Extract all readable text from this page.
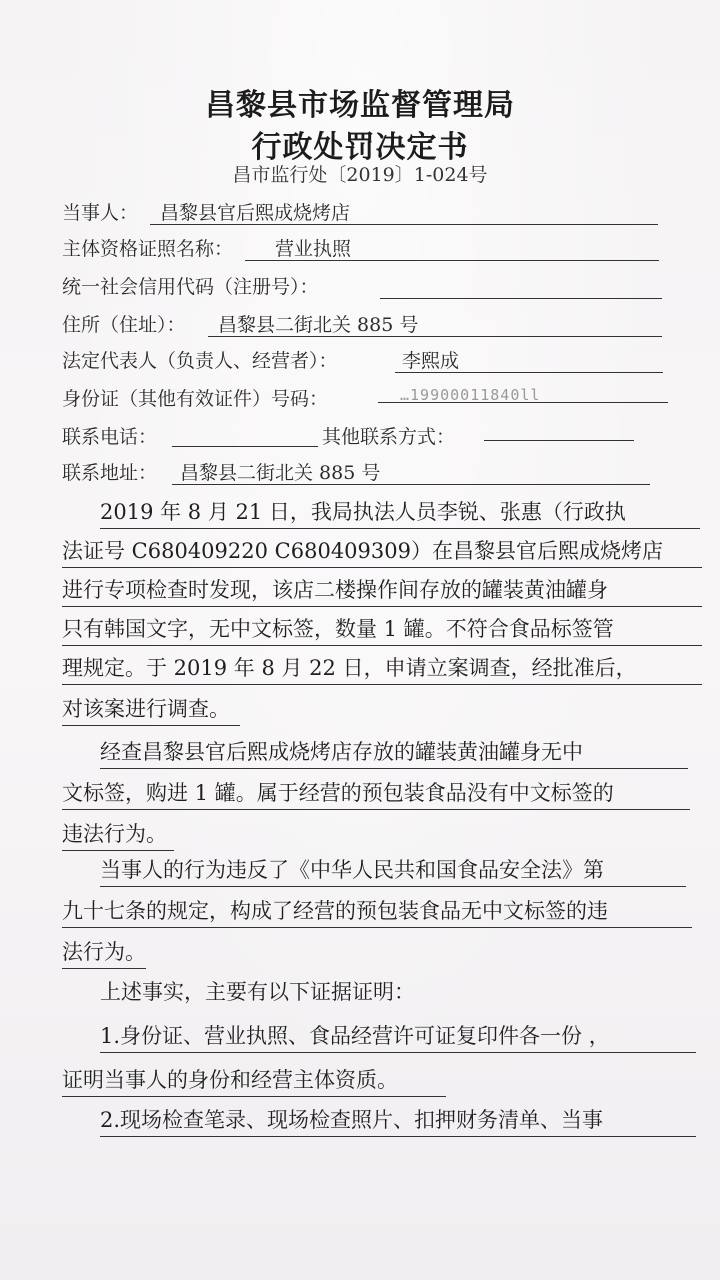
昌黎县市场监督管理局
行政处罚决定书
昌市监行处〔2019〕1-024号
当事人： 昌黎县官后熙成烧烤店
主体资格证照名称： 营业执照
统一社会信用代码（注册号）：
住所（住址）： 昌黎县二街北关 885 号
法定代表人（负责人、经营者）：	李熙成
身份证（其他有效证件）号码：	…19900011840ll
联系电话：	其他联系方式：
联系地址： 昌黎县二街北关 885 号
2019 年 8 月 21 日，我局执法人员李锐、张惠（行政执
法证号 C680409220 C680409309）在昌黎县官后熙成烧烤店
进行专项检查时发现，该店二楼操作间存放的罐装黄油罐身
只有韩国文字，无中文标签，数量 1 罐。不符合食品标签管
理规定。于 2019 年 8 月 22 日，申请立案调查，经批准后，
对该案进行调查。
经查昌黎县官后熙成烧烤店存放的罐装黄油罐身无中
文标签，购进 1 罐。属于经营的预包装食品没有中文标签的
违法行为。
当事人的行为违反了《中华人民共和国食品安全法》第
九十七条的规定，构成了经营的预包装食品无中文标签的违
法行为。
上述事实，主要有以下证据证明：
1.身份证、营业执照、食品经营许可证复印件各一份 ，
证明当事人的身份和经营主体资质。
2.现场检查笔录、现场检查照片、扣押财务清单、当事
